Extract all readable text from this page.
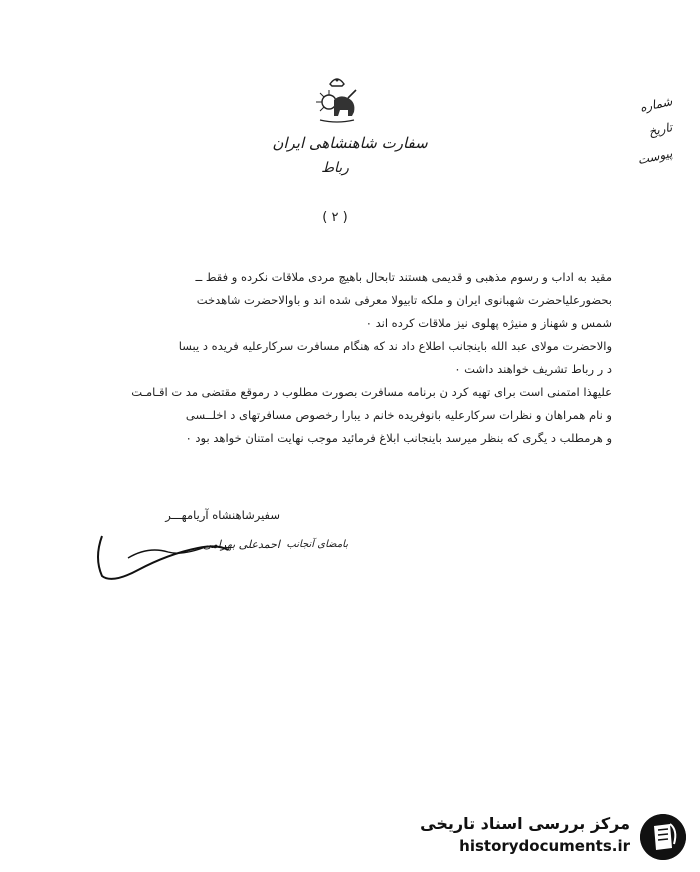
سفارت شاهنشاهی ایران
رباط
شماره
تاریخ
پیوست
( ۲ )
مقید به اداب و رسوم مذهبی و قدیمی هستند تابحال باهیچ مردی ملاقات نکرده و فقط ــ
بحضورعلیاحضرت شهبانوی ایران و ملکه تابیولا معرفی شده اند و باوالاحضرت شاهدخت
شمس و شهناز و منیژه پهلوی نیز ملاقات کرده اند ۰
والاحضرت مولای عبد الله باینجانب اطلاع داد ند که هنگام مسافرت سرکارعلیه فریده د یبسا
د ر رباط تشریف خواهند داشت ۰
علیهذا امتمنی است برای تهیه کرد ن برنامه مسافرت بصورت مطلوب د رموقع مقتضی مد ت اقـامـت
و نام همراهان و نظرات سرکارعلیه بانوفریده خانم د یبارا رخصوص مسافرتهای د اخلــسی
و هرمطلب د یگری که بنظر میرسد باینجانب ابلاغ فرمائید موجب نهایت امتنان خواهد بود ۰
سفیرشاهنشاه آریامهـــر
احمدعلی بهرامی بامضای آنجانب
مرکز بررسی اسناد تاریخی
historydocuments.ir
